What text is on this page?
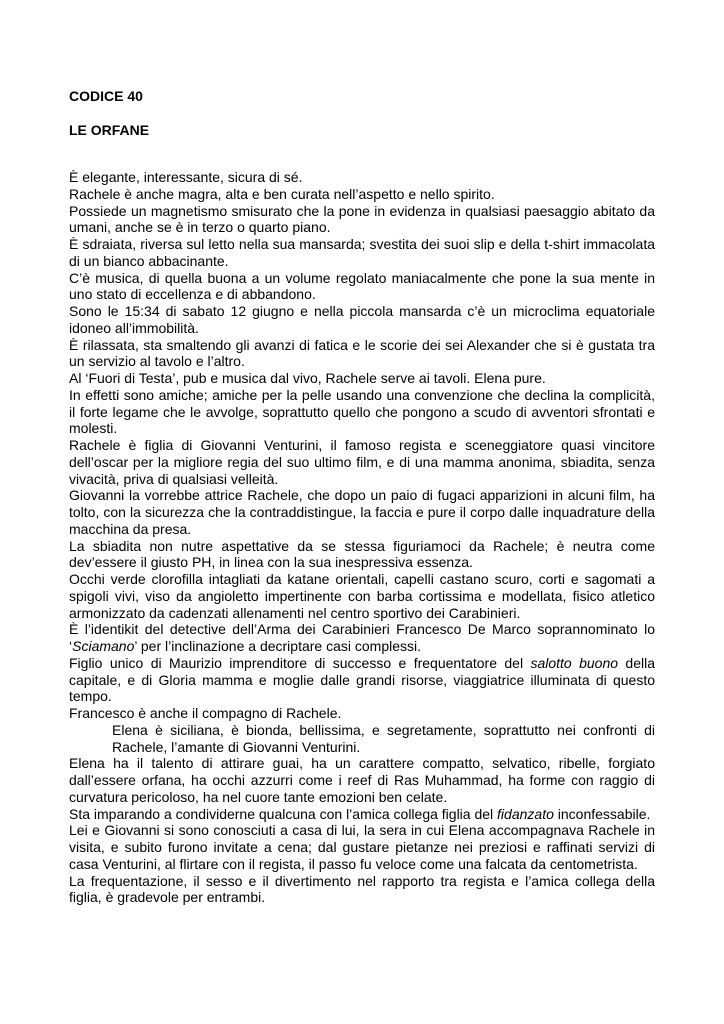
CODICE 40
LE ORFANE

È elegante, interessante, sicura di sé.

Rachele è anche magra, alta e ben curata nell’aspetto e nello spirito.

Possiede un magnetismo smisurato che la pone in evidenza in qualsiasi paesaggio abitato da umani, anche se è in terzo o quarto piano.

È sdraiata, riversa sul letto nella sua mansarda; svestita dei suoi slip e della t-shirt immacolata di un bianco abbacinante.

C’è musica, di quella buona a un volume regolato maniacalmente che pone la sua mente in uno stato di eccellenza e di abbandono.

Sono le 15:34 di sabato 12 giugno e nella piccola mansarda c’è un microclima equatoriale idoneo all’immobilità.

È rilassata, sta smaltendo gli avanzi di fatica e le scorie dei sei Alexander che si è gustata tra un servizio al tavolo e l’altro.

Al ‘Fuori di Testa’, pub e musica dal vivo, Rachele serve ai tavoli. Elena pure.

In effetti sono amiche; amiche per la pelle usando una convenzione che declina la complicità, il forte legame che le avvolge, soprattutto quello che pongono a scudo di avventori sfrontati e molesti.

Rachele è figlia di Giovanni Venturini, il famoso regista e sceneggiatore quasi vincitore dell’oscar per la migliore regia del suo ultimo film, e di una mamma anonima, sbiadita, senza vivacità, priva di qualsiasi velleità.

Giovanni la vorrebbe attrice Rachele, che dopo un paio di fugaci apparizioni in alcuni film, ha tolto, con la sicurezza che la contraddistingue, la faccia e pure il corpo dalle inquadrature della macchina da presa.

La sbiadita non nutre aspettative da se stessa figuriamoci da Rachele; è neutra come dev’essere il giusto PH, in linea con la sua inespressiva essenza.

Occhi verde clorofilla intagliati da katane orientali, capelli castano scuro, corti e sagomati a spigoli vivi, viso da angioletto impertinente con barba cortissima e modellata, fisico atletico armonizzato da cadenzati allenamenti nel centro sportivo dei Carabinieri.

È l’identikit del detective dell’Arma dei Carabinieri Francesco De Marco soprannominato lo ‘Sciamano’ per l’inclinazione a decriptare casi complessi.

Figlio unico di Maurizio imprenditore di successo e frequentatore del salotto buono della capitale, e di Gloria mamma e moglie dalle grandi risorse, viaggiatrice illuminata di questo tempo.

Francesco è anche il compagno di Rachele.

Elena è siciliana, è bionda, bellissima, e segretamente, soprattutto nei confronti di Rachele, l’amante di Giovanni Venturini.

Elena ha il talento di attirare guai, ha un carattere compatto, selvatico, ribelle, forgiato dall’essere orfana, ha occhi azzurri come i reef di Ras Muhammad, ha forme con raggio di curvatura pericoloso, ha nel cuore tante emozioni ben celate.

Sta imparando a condividerne qualcuna con l’amica collega figlia del fidanzato inconfessabile.

Lei e Giovanni si sono conosciuti a casa di lui, la sera in cui Elena accompagnava Rachele in visita, e subito furono invitate a cena; dal gustare pietanze nei preziosi e raffinati servizi di casa Venturini, al flirtare con il regista, il passo fu veloce come una falcata da centometrista.

La frequentazione, il sesso e il divertimento nel rapporto tra regista e l’amica collega della figlia, è gradevole per entrambi.
